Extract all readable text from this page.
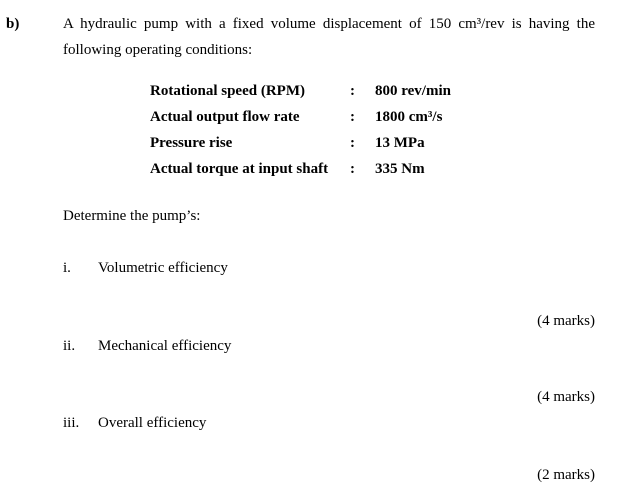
b)	A hydraulic pump with a fixed volume displacement of 150 cm³/rev is having the
following operating conditions:
Rotational speed (RPM)	:	800 rev/min
Actual output flow rate	:	1800 cm³/s
Pressure rise	:	13 MPa
Actual torque at input shaft	:	335 Nm
Determine the pump’s:
i. Volumetric efficiency
(4 marks)
ii. Mechanical efficiency
(4 marks)
iii. Overall efficiency
(2 marks)
